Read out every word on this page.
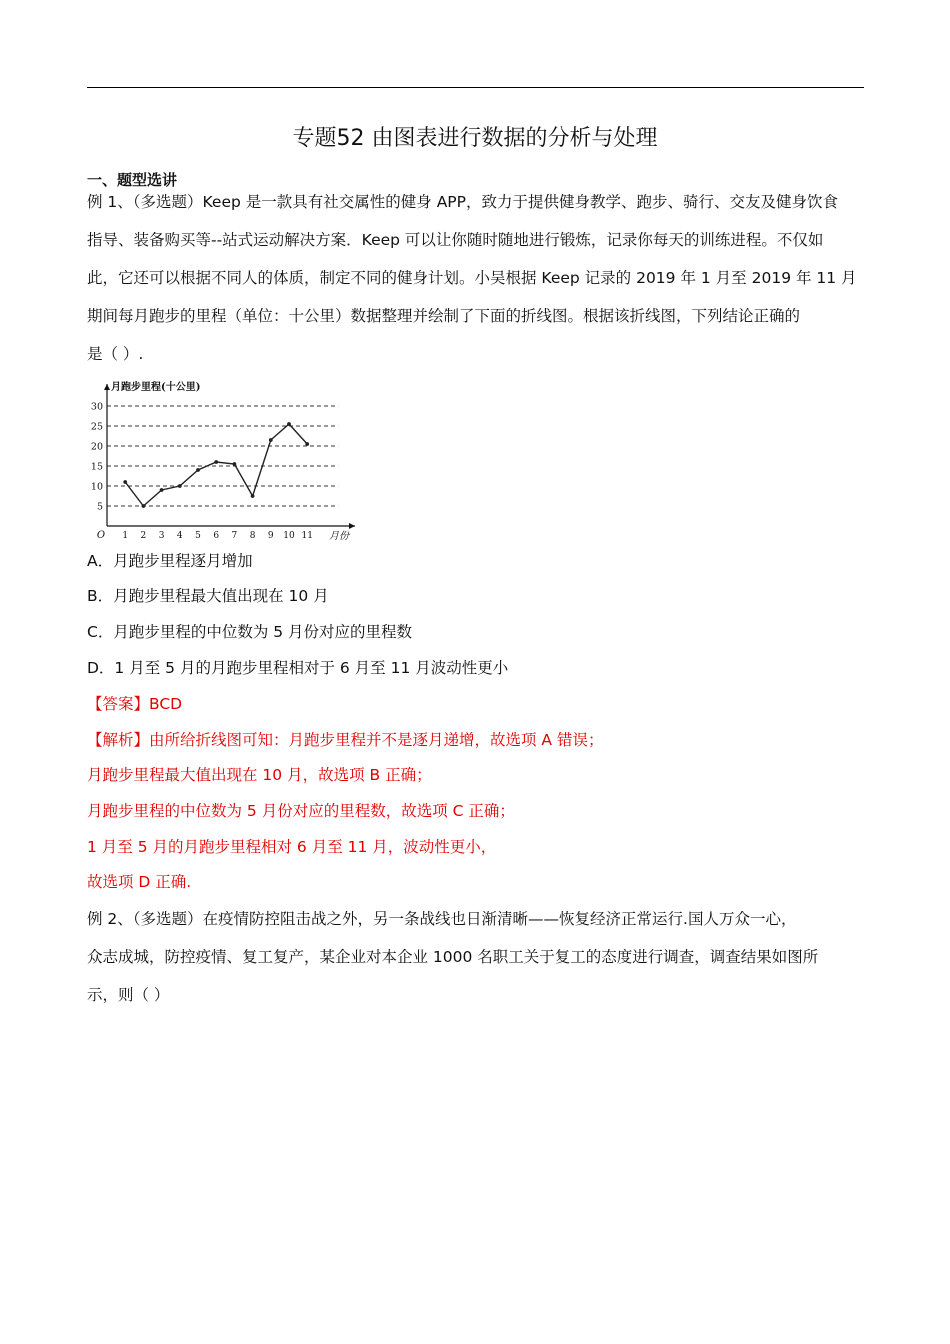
专题52 由图表进行数据的分析与处理
一、题型选讲
例 1、（多选题）Keep 是一款具有社交属性的健身 APP，致力于提供健身教学、跑步、骑行、交友及健身饮食
指导、装备购买等--站式运动解决方案．Keep 可以让你随时随地进行锻炼，记录你每天的训练进程。不仅如
此，它还可以根据不同人的体质，制定不同的健身计划。小吴根据 Keep 记录的 2019 年 1 月至 2019 年 11 月
期间每月跑步的里程（单位：十公里）数据整理并绘制了下面的折线图。根据该折线图，下列结论正确的
是（ ）.
5
10
15
20
25
30
月跑步里程(十公里)
月份
O 1 2 3 4 5 6 7 8 9 10 11
A．月跑步里程逐月增加
B．月跑步里程最大值出现在 10 月
C．月跑步里程的中位数为 5 月份对应的里程数
D．1 月至 5 月的月跑步里程相对于 6 月至 11 月波动性更小
【答案】BCD
【解析】由所给折线图可知：月跑步里程并不是逐月递增，故选项 A 错误；
月跑步里程最大值出现在 10 月，故选项 B 正确；
月跑步里程的中位数为 5 月份对应的里程数，故选项 C 正确；
1 月至 5 月的月跑步里程相对 6 月至 11 月，波动性更小，
故选项 D 正确.
例 2、（多选题）在疫情防控阻击战之外，另一条战线也日渐清晰——恢复经济正常运行.国人万众一心，
众志成城，防控疫情、复工复产，某企业对本企业 1000 名职工关于复工的态度进行调查，调查结果如图所
示，则（ ）
